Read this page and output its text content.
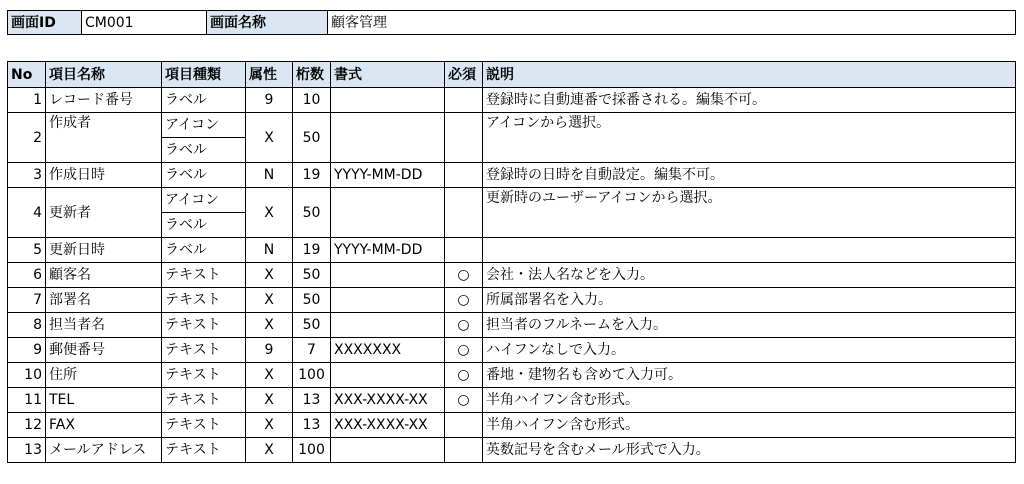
画面ID	CM001	画面名称	顧客管理
No	項目名称	項目種類	属性	桁数	書式	必須	説明
1	レコード番号	ラベル	9	10			登録時に自動連番で採番される。編集不可。
2	作成者	アイコン	X	50			アイコンから選択。
		ラベル					
3	作成日時	ラベル	N	19	YYYY-MM-DD		登録時の日時を自動設定。編集不可。
4	更新者	アイコン	X	50			更新時のユーザーアイコンから選択。
		ラベル					
5	更新日時	ラベル	N	19	YYYY-MM-DD		
6	顧客名	テキスト	X	50		○	会社・法人名などを入力。
7	部署名	テキスト	X	50		○	所属部署名を入力。
8	担当者名	テキスト	X	50		○	担当者のフルネームを入力。
9	郵便番号	テキスト	9	7	XXXXXXX	○	ハイフンなしで入力。
10	住所	テキスト	X	100		○	番地・建物名も含めて入力可。
11	TEL	テキスト	X	13	XXX-XXXX-XX	○	半角ハイフン含む形式。
12	FAX	テキスト	X	13	XXX-XXXX-XX		半角ハイフン含む形式。
13	メールアドレス	テキスト	X	100			英数記号を含むメール形式で入力。
